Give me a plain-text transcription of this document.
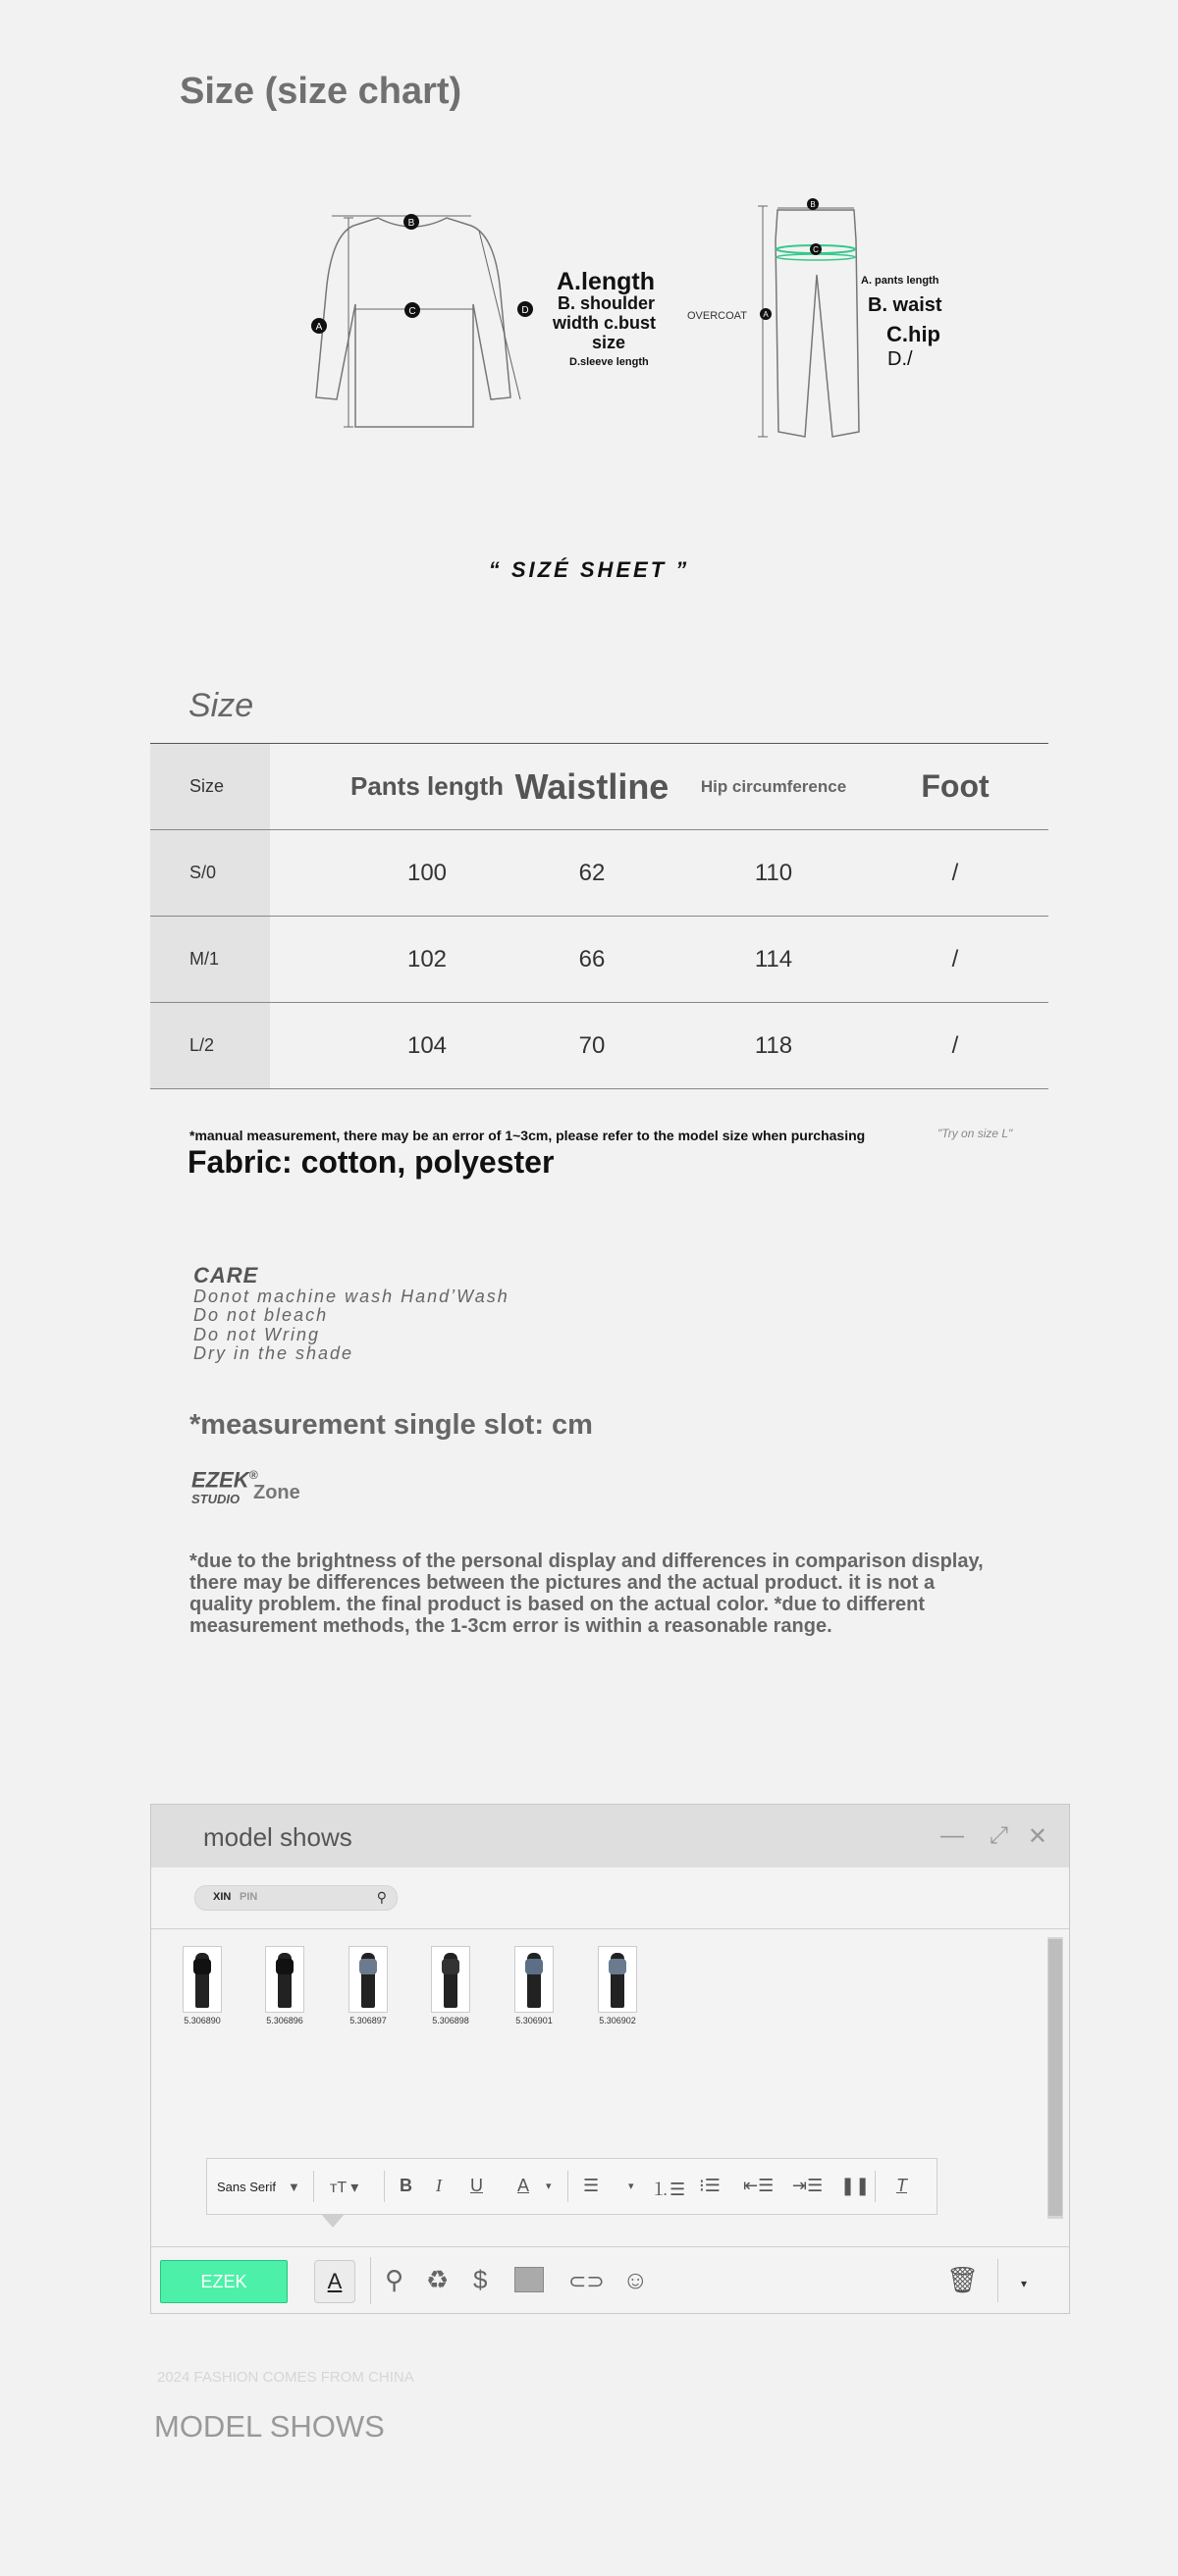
Size (size chart)
A
B
C	D
B
C
A
A.length
B. shoulder
width c.bust
size
D.sleeve length
OVERCOAT
A. pants length
B. waist
C.hip
D./
“ SIZÉ SHEET ”
Size
Size	Pants length Waistline	Hip circumference	Foot
S/0	100	62	110	/
M/1	102	66	114	/
L/2	104	70	118	/
*manual measurement, there may be an error of 1~3cm, please refer to the model size when purchasing	"Try on size L"
Fabric: cotton, polyester
CARE
Donot machine wash Hand’Wash
Do not bleach
Do not Wring
Dry in the shade
*measurement single slot: cm
EZEK®
STUDIO Zone
*due to the brightness of the personal display and differences in comparison display, there may be differences between the pictures and the actual product. it is not a quality problem. the final product is based on the actual color. *due to different measurement methods, the 1-3cm error is within a reasonable range.
model shows	— ⤢ ✕
XIN PIN	⚲
5.306890	5.306896	5.306897	5.306898	5.306901	5.306902
Sans Serif ▼ тT ▾ B I U A ▾ ☰	▾ ⒈☰ ⁝☰ ⇤☰ ⇥☰ ❚❚ T
EZEK	A	⚲ ♻ $	⊂⊃ ☺	🗑	▾
2024 FASHION COMES FROM CHINA
MODEL SHOWS
